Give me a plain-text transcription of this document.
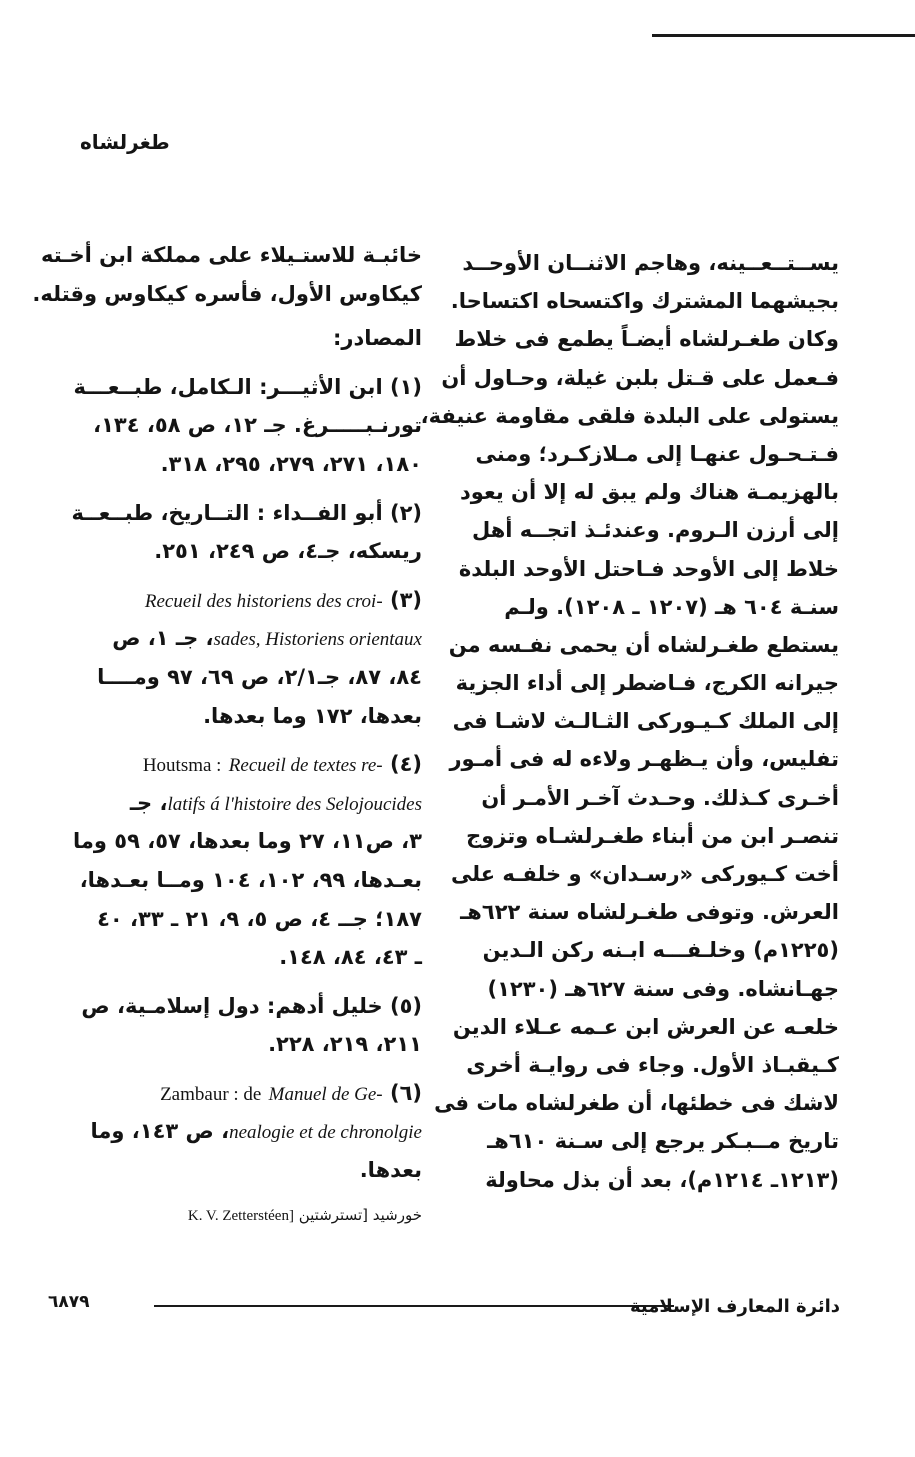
طغرلشاه
يســتــعــينه، وهاجم الاثنــان الأوحــد
بجيشهما المشترك واكتسحاه اكتساحا.
وكان طغـرلشاه أيضـاً يطمع فى خلاط
فـعمل على قـتل بلبن غيلة، وحـاول أن
يستولى على البلدة فلقى مقاومة عنيفة،
فـتـحـول عنهـا إلى مـلازكـرد؛ ومنى
بالهزيمـة هناك ولم يبق له إلا أن يعود
إلى أرزن الـروم. وعندئـذ اتجــه أهل
خلاط إلى الأوحد فـاحتل الأوحد البلدة
سنـة ٦٠٤ هـ (١٢٠٧ ـ ١٢٠٨). ولـم
يستطع طغـرلشاه أن يحمى نفـسه من
جيرانه الكرج، فـاضطر إلى أداء الجزية
إلى الملك كـيـوركى الثـالـث لاشـا فى
تفليس، وأن يـظهـر ولاءه له فى أمـور
أخـرى كـذلك. وحـدث آخـر الأمـر أن
تنصـر ابن من أبناء طغـرلشـاه وتزوج
أخت كـيوركى «رسـدان» و خلفـه على
العرش. وتوفى طغـرلشاه سنة ٦٢٢هـ
(١٢٢٥م) وخلـفـــه ابـنه ركن الـدين
جهـانشاه. وفى سنة ٦٢٧هـ (١٢٣٠)
خلعـه عن العرش ابن عـمه عـلاء الدين
كـيقبـاذ الأول. وجاء فى روايـة أخرى
لاشك فى خطئها، أن طغرلشاه مات فى
تاريخ مــبـكر يرجع إلى سـنة ٦١٠هـ
(١٢١٣ـ ١٢١٤م)، بعد أن بذل محاولة
خائبـة للاستـيلاء على مملكة ابن أخـته
كيكاوس الأول، فأسره كيكاوس وقتله.
المصادر:
(١) ابن الأثيـــر: الـكامل، طبــعـــة
تورنـبـــــرغ. جـ ١٢، ص ٥٨، ١٣٤،
١٨٠، ٢٧١، ٢٧٩، ٢٩٥، ٣١٨.
(٢) أبو الفــداء : التــاريخ، طبــعــة
ريسكه، جـ٤، ص ٢٤٩، ٢٥١.
(٣) Recueil des historiens des croi-
sades, Historiens orientaux، جـ ١، ص
٨٤، ٨٧، جـ٢/١، ص ٦٩، ٩٧ ومــــا
بعدها، ١٧٢ وما بعدها.
(٤) Houtsma : Recueil de textes re-
latifs á l'histoire des Selojoucides، جـ
٣، ص١١، ٢٧ وما بعدها، ٥٧، ٥٩ وما
بعـدها، ٩٩، ١٠٢، ١٠٤ ومــا بعـدها،
١٨٧؛ جــ ٤، ص ٥، ٩، ٢١ ـ ٣٣، ٤٠
ـ ٤٣، ٨٤، ١٤٨.
(٥) خليل أدهم: دول إسلامـية، ص
٢١١، ٢١٩، ٢٢٨.
(٦) Zambaur : de Manuel de Ge-
nealogie et de chronolgie، ص ١٤٣، وما
بعدها.
خورشيد [تسترشتين K. V. Zetterstéen]
٦٨٧٩	دائرة المعارف الإسلامية
